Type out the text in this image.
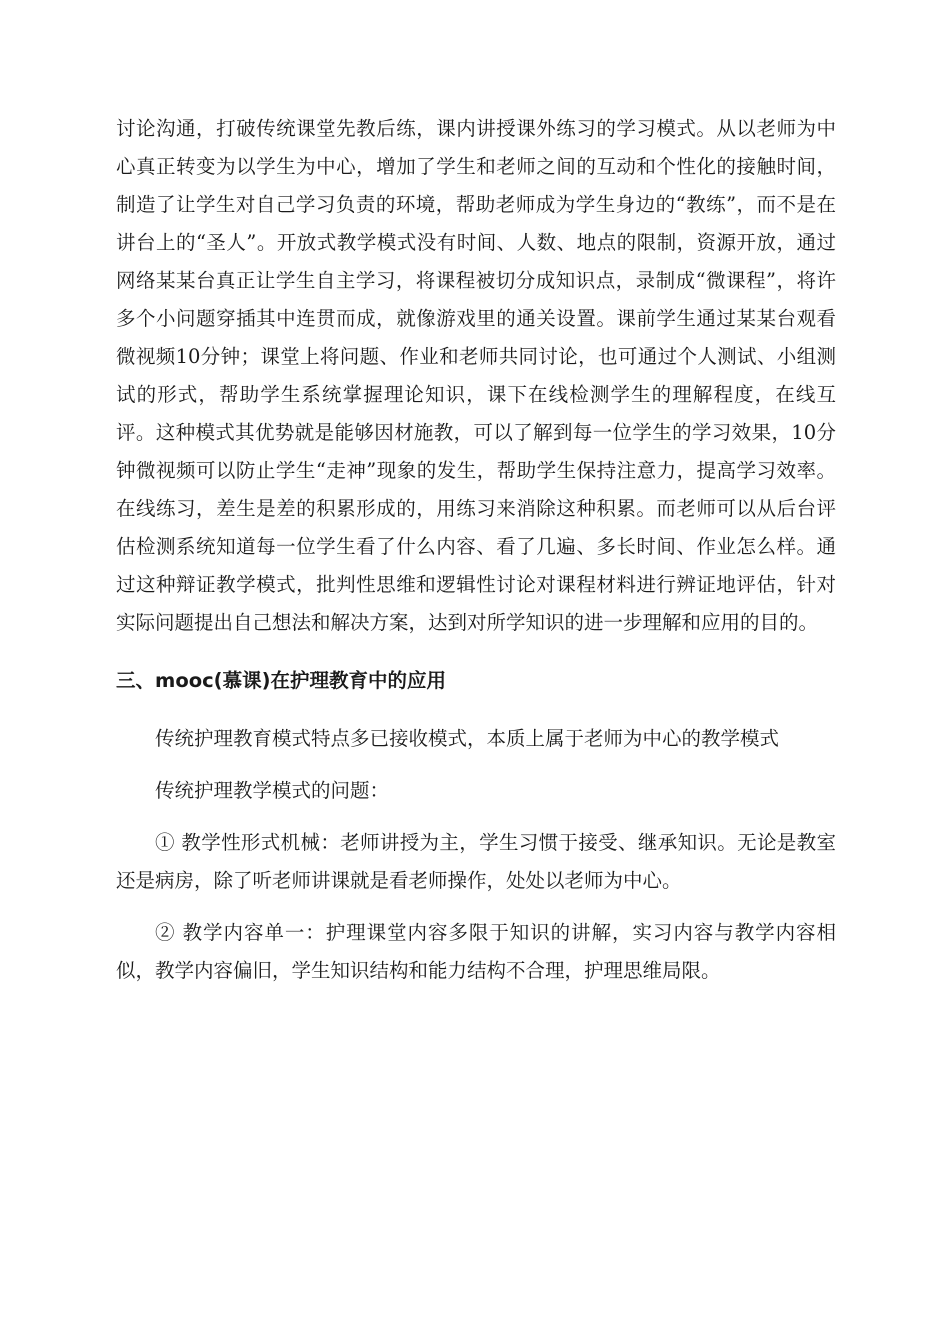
讨论沟通，打破传统课堂先教后练，课内讲授课外练习的学习模式。从以老师为中心真正转变为以学生为中心，增加了学生和老师之间的互动和个性化的接触时间，制造了让学生对自己学习负责的环境，帮助老师成为学生身边的“教练”，而不是在讲台上的“圣人”。开放式教学模式没有时间、人数、地点的限制，资源开放，通过网络某某台真正让学生自主学习，将课程被切分成知识点，录制成“微课程”，将许多个小问题穿插其中连贯而成，就像游戏里的通关设置。课前学生通过某某台观看微视频10分钟；课堂上将问题、作业和老师共同讨论，也可通过个人测试、小组测试的形式，帮助学生系统掌握理论知识，课下在线检测学生的理解程度，在线互评。这种模式其优势就是能够因材施教，可以了解到每一位学生的学习效果，10分钟微视频可以防止学生“走神”现象的发生，帮助学生保持注意力，提高学习效率。在线练习，差生是差的积累形成的，用练习来消除这种积累。而老师可以从后台评估检测系统知道每一位学生看了什么内容、看了几遍、多长时间、作业怎么样。通过这种辩证教学模式，批判性思维和逻辑性讨论对课程材料进行辨证地评估，针对实际问题提出自己想法和解决方案，达到对所学知识的进一步理解和应用的目的。

三、mooc(慕课)在护理教育中的应用

传统护理教育模式特点多已接收模式，本质上属于老师为中心的教学模式

传统护理教学模式的问题：

① 教学性形式机械：老师讲授为主，学生习惯于接受、继承知识。无论是教室还是病房，除了听老师讲课就是看老师操作，处处以老师为中心。

② 教学内容单一：护理课堂内容多限于知识的讲解，实习内容与教学内容相似，教学内容偏旧，学生知识结构和能力结构不合理，护理思维局限。
